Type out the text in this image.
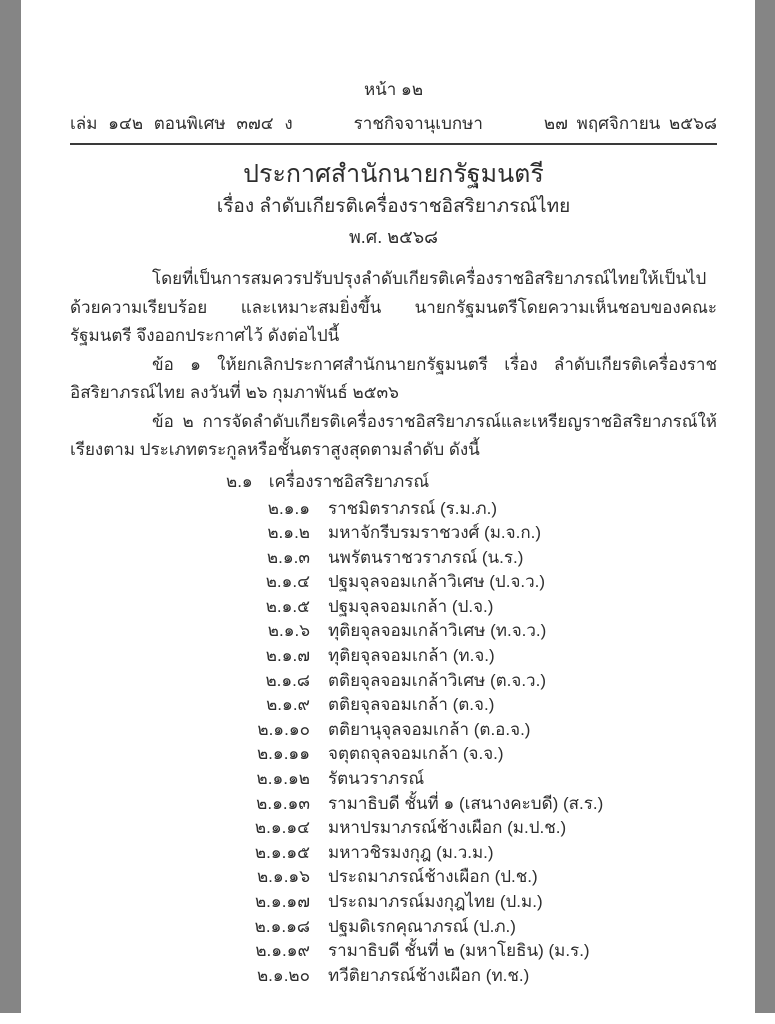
หน้า ๑๒
เล่ม ๑๔๒ ตอนพิเศษ ๓๗๔ ง	ราชกิจจานุเบกษา	๒๗ พฤศจิกายน ๒๕๖๘
ประกาศสำนักนายกรัฐมนตรี
เรื่อง ลำดับเกียรติเครื่องราชอิสริยาภรณ์ไทย
พ.ศ. ๒๕๖๘

โดยที่เป็นการสมควรปรับปรุงลำดับเกียรติเครื่องราชอิสริยาภรณ์ไทยให้เป็นไปด้วยความเรียบร้อย และเหมาะสมยิ่งขึ้น นายกรัฐมนตรีโดยความเห็นชอบของคณะรัฐมนตรี จึงออกประกาศไว้ ดังต่อไปนี้

ข้อ ๑ ให้ยกเลิกประกาศสำนักนายกรัฐมนตรี เรื่อง ลำดับเกียรติเครื่องราชอิสริยาภรณ์ไทย ลงวันที่ ๒๖ กุมภาพันธ์ ๒๕๓๖

ข้อ ๒ การจัดลำดับเกียรติเครื่องราชอิสริยาภรณ์และเหรียญราชอิสริยาภรณ์ให้เรียงตาม ประเภทตระกูลหรือชั้นตราสูงสุดตามลำดับ ดังนี้

๒.๑ เครื่องราชอิสริยาภรณ์
๒.๑.๑ ราชมิตราภรณ์ (ร.ม.ภ.)
๒.๑.๒ มหาจักรีบรมราชวงศ์ (ม.จ.ก.)
๒.๑.๓ นพรัตนราชวราภรณ์ (น.ร.)
๒.๑.๔ ปฐมจุลจอมเกล้าวิเศษ (ป.จ.ว.)
๒.๑.๕ ปฐมจุลจอมเกล้า (ป.จ.)
๒.๑.๖ ทุติยจุลจอมเกล้าวิเศษ (ท.จ.ว.)
๒.๑.๗ ทุติยจุลจอมเกล้า (ท.จ.)
๒.๑.๘ ตติยจุลจอมเกล้าวิเศษ (ต.จ.ว.)
๒.๑.๙ ตติยจุลจอมเกล้า (ต.จ.)
๒.๑.๑๐ ตติยานุจุลจอมเกล้า (ต.อ.จ.)
๒.๑.๑๑ จตุตถจุลจอมเกล้า (จ.จ.)
๒.๑.๑๒ รัตนวราภรณ์
๒.๑.๑๓ รามาธิบดี ชั้นที่ ๑ (เสนางคะบดี) (ส.ร.)
๒.๑.๑๔ มหาปรมาภรณ์ช้างเผือก (ม.ป.ช.)
๒.๑.๑๕ มหาวชิรมงกุฎ (ม.ว.ม.)
๒.๑.๑๖ ประถมาภรณ์ช้างเผือก (ป.ช.)
๒.๑.๑๗ ประถมาภรณ์มงกุฎไทย (ป.ม.)
๒.๑.๑๘ ปฐมดิเรกคุณาภรณ์ (ป.ภ.)
๒.๑.๑๙ รามาธิบดี ชั้นที่ ๒ (มหาโยธิน) (ม.ร.)
๒.๑.๒๐ ทวีติยาภรณ์ช้างเผือก (ท.ช.)
